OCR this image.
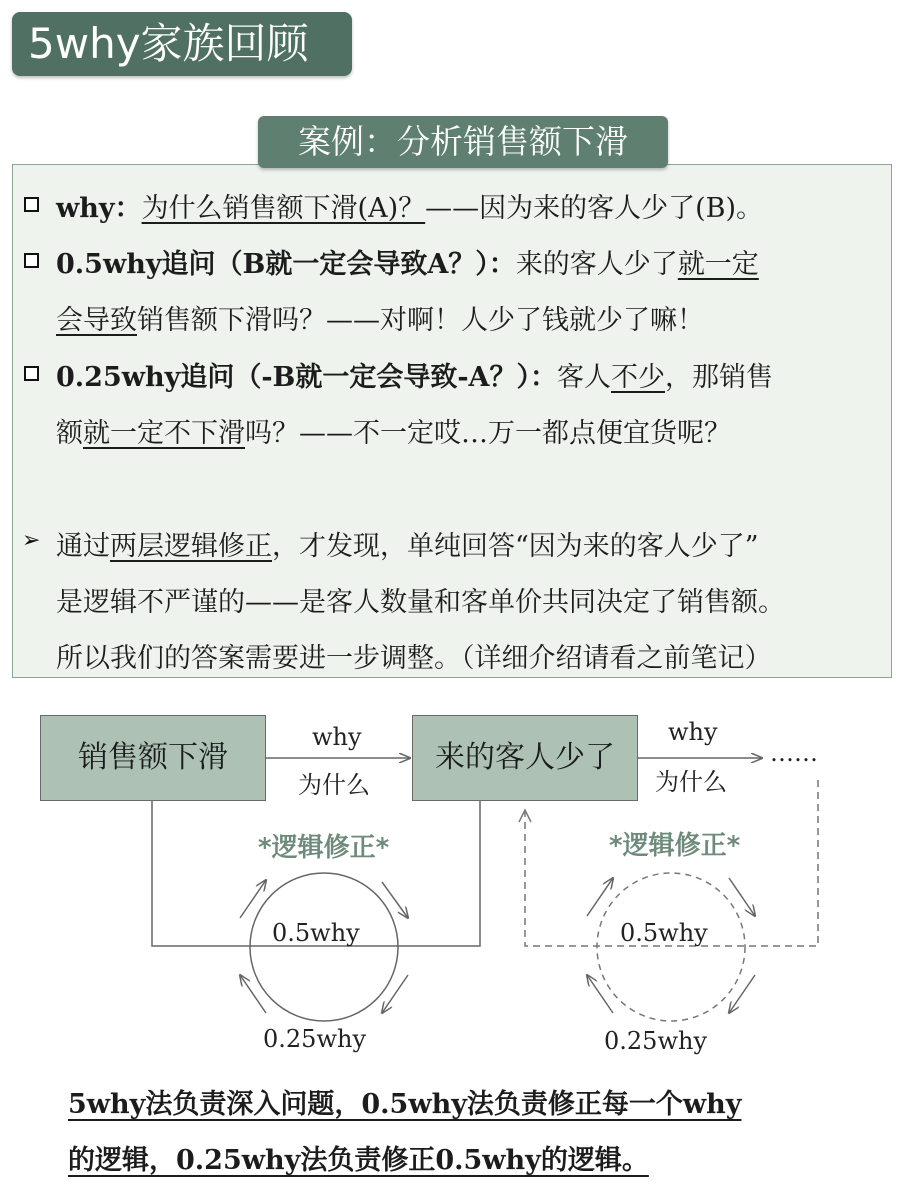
5why家族回顾
案例：分析销售额下滑
why：为什么销售额下滑(A)？——因为来的客人少了(B)。
0.5why追问（B就一定会导致A？）：来的客人少了就一定
会导致销售额下滑吗？——对啊！人少了钱就少了嘛！
0.25why追问（-B就一定会导致-A？）：客人不少，那销售
额就一定不下滑吗？——不一定哎…万一都点便宜货呢？
➢ 通过两层逻辑修正，才发现，单纯回答“因为来的客人少了”
是逻辑不严谨的——是客人数量和客单价共同决定了销售额。
所以我们的答案需要进一步调整。（详细介绍请看之前笔记）
销售额下滑	来的客人少了
why
为什么
why
为什么
……
*逻辑修正*	*逻辑修正*
0.5why	0.5why
0.25why	0.25why
5why法负责深入问题，0.5why法负责修正每一个why
的逻辑，0.25why法负责修正0.5why的逻辑。
